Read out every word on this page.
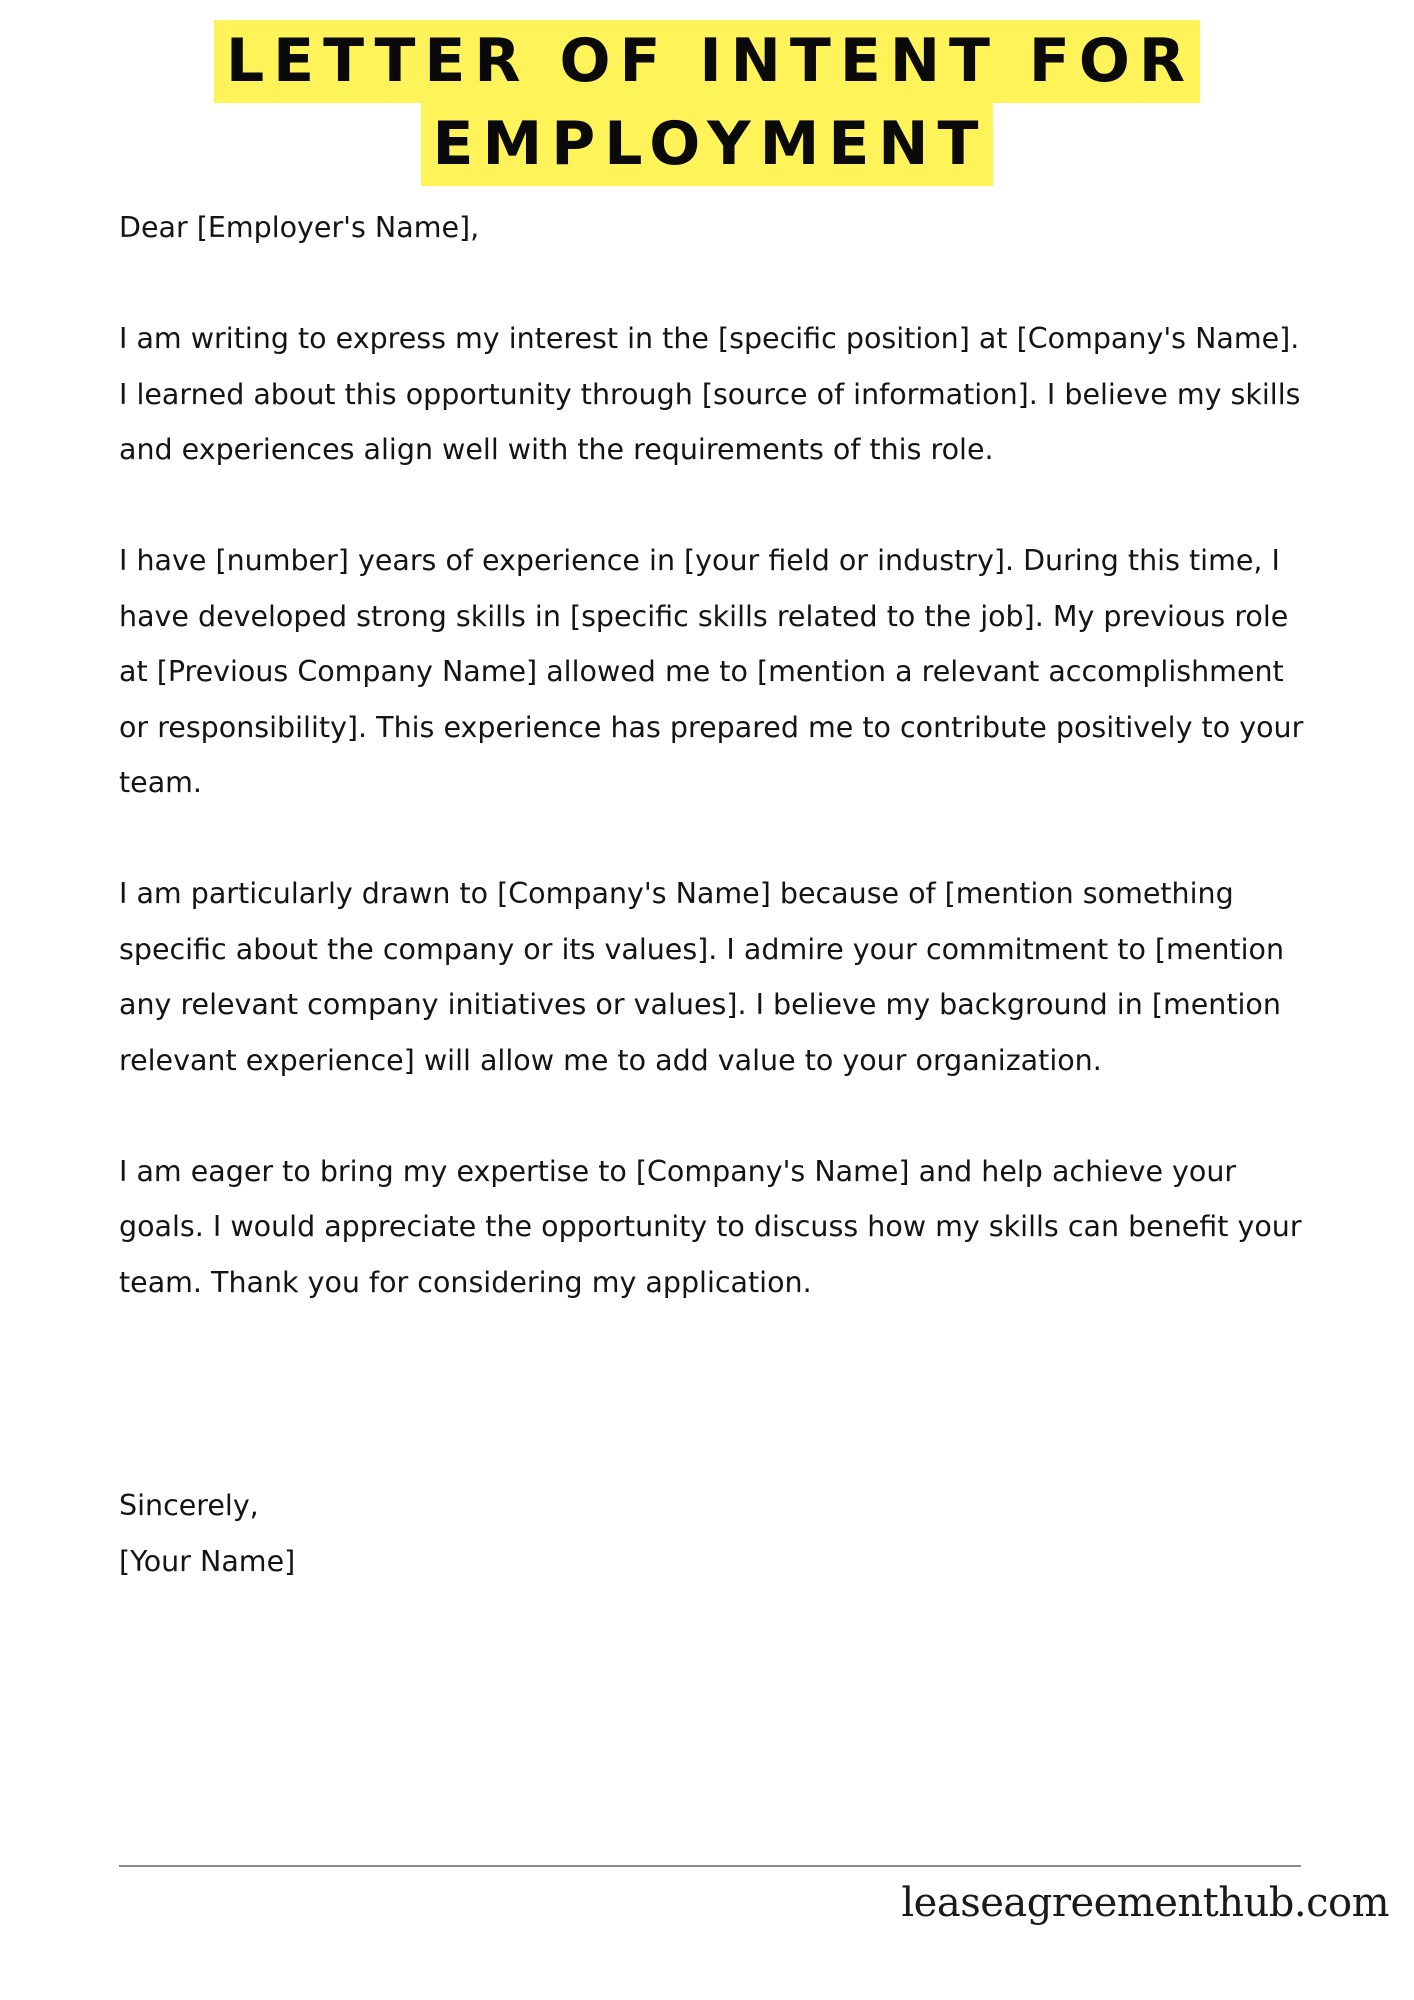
LETTER OF INTENT FOR
EMPLOYMENT

Dear [Employer's Name],

I am writing to express my interest in the [specific position] at [Company's Name]. I learned about this opportunity through [source of information]. I believe my skills and experiences align well with the requirements of this role.

I have [number] years of experience in [your field or industry]. During this time, I have developed strong skills in [specific skills related to the job]. My previous role at [Previous Company Name] allowed me to [mention a relevant accomplishment or responsibility]. This experience has prepared me to contribute positively to your team.

I am particularly drawn to [Company's Name] because of [mention something specific about the company or its values]. I admire your commitment to [mention any relevant company initiatives or values]. I believe my background in [mention relevant experience] will allow me to add value to your organization.

I am eager to bring my expertise to [Company's Name] and help achieve your goals. I would appreciate the opportunity to discuss how my skills can benefit your team. Thank you for considering my application.

Sincerely,
[Your Name]
leaseagreementhub.com
